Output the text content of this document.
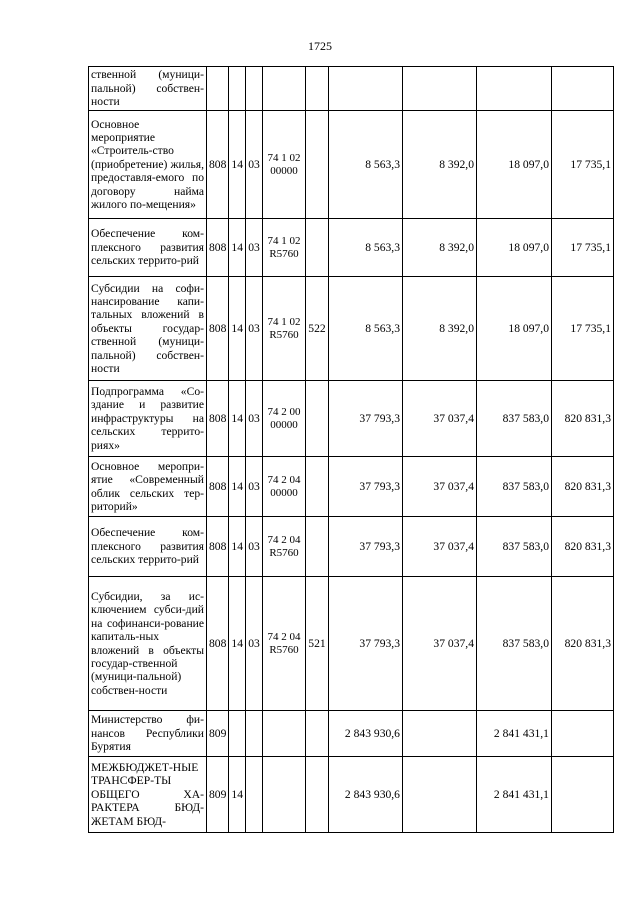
1725
ственной (муници-пальной) собствен-ности									
Основное мероприятие «Строитель-ство (приобретение) жилья, предоставля-емого по договору найма жилого по-мещения»	808	14	03	74 1 02 00000		8 563,3	8 392,0	18 097,0	17 735,1
Обеспечение ком-плексного развития сельских террито-рий	808	14	03	74 1 02 R5760		8 563,3	8 392,0	18 097,0	17 735,1
Субсидии на софи-нансирование капи-тальных вложений в объекты государ-ственной (муници-пальной) собствен-ности	808	14	03	74 1 02 R5760	522	8 563,3	8 392,0	18 097,0	17 735,1
Подпрограмма «Со-здание и развитие инфраструктуры на сельских террито-риях»	808	14	03	74 2 00 00000		37 793,3	37 037,4	837 583,0	820 831,3
Основное меропри-ятие «Современный облик сельских тер-риторий»	808	14	03	74 2 04 00000		37 793,3	37 037,4	837 583,0	820 831,3
Обеспечение ком-плексного развития сельских террито-рий	808	14	03	74 2 04 R5760		37 793,3	37 037,4	837 583,0	820 831,3
Субсидии, за ис-ключением субси-дий на софинанси-рование капиталь-ных вложений в объекты государ-ственной (муници-пальной) собствен-ности	808	14	03	74 2 04 R5760	521	37 793,3	37 037,4	837 583,0	820 831,3
Министерство фи-нансов Республики Бурятия	809					2 843 930,6		2 841 431,1	
МЕЖБЮДЖЕТ-НЫЕ ТРАНСФЕР-ТЫ ОБЩЕГО ХА-РАКТЕРА БЮД-ЖЕТАМ БЮД-	809	14				2 843 930,6		2 841 431,1	
